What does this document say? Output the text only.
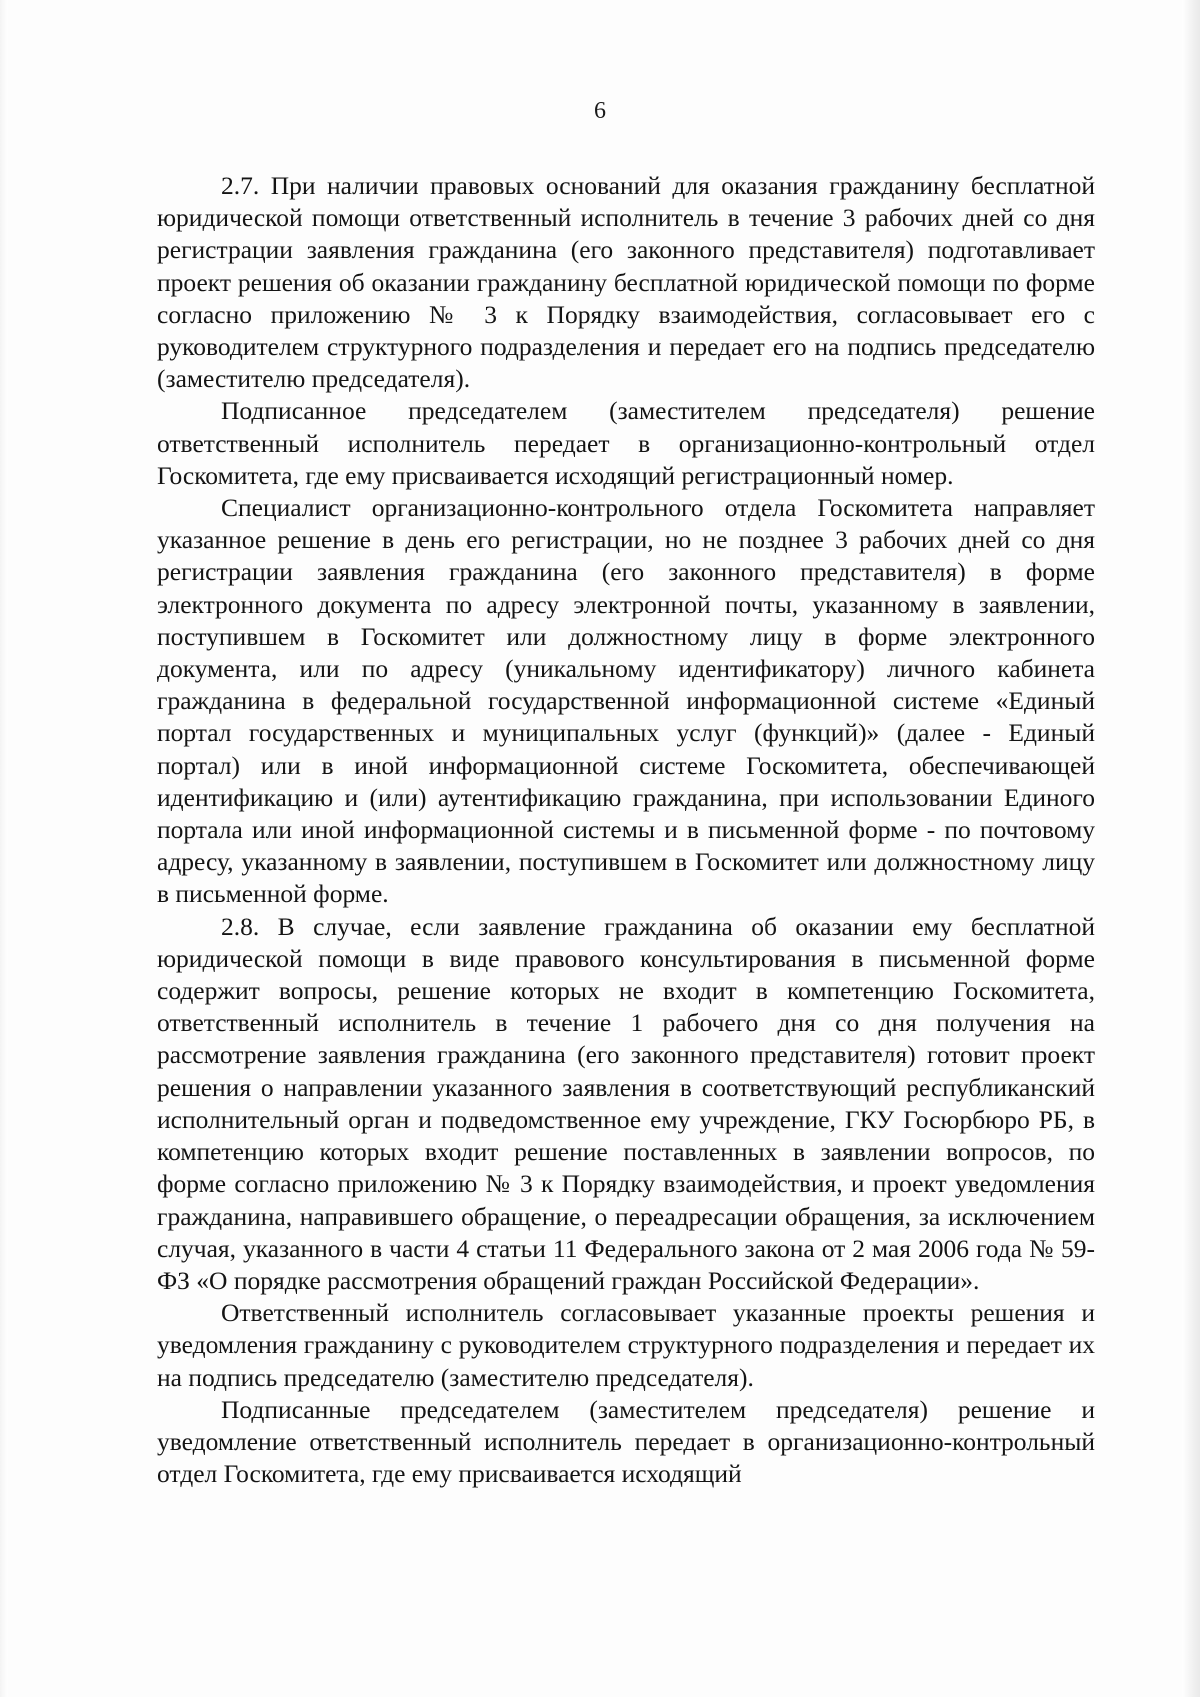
6

2.7. При наличии правовых оснований для оказания гражданину бесплатной юридической помощи ответственный исполнитель в течение 3 рабочих дней со дня регистрации заявления гражданина (его законного представителя) подготавливает проект решения об оказании гражданину бесплатной юридической помощи по форме согласно приложению № 3 к Порядку взаимодействия, согласовывает его с руководителем структурного подразделения и передает его на подпись председателю (заместителю председателя).

Подписанное председателем (заместителем председателя) решение ответственный исполнитель передает в организационно-контрольный отдел Госкомитета, где ему присваивается исходящий регистрационный номер.

Специалист организационно-контрольного отдела Госкомитета направляет указанное решение в день его регистрации, но не позднее 3 рабочих дней со дня регистрации заявления гражданина (его законного представителя) в форме электронного документа по адресу электронной почты, указанному в заявлении, поступившем в Госкомитет или должностному лицу в форме электронного документа, или по адресу (уникальному идентификатору) личного кабинета гражданина в федеральной государственной информационной системе «Единый портал государственных и муниципальных услуг (функций)» (далее - Единый портал) или в иной информационной системе Госкомитета, обеспечивающей идентификацию и (или) аутентификацию гражданина, при использовании Единого портала или иной информационной системы и в письменной форме - по почтовому адресу, указанному в заявлении, поступившем в Госкомитет или должностному лицу в письменной форме.

2.8. В случае, если заявление гражданина об оказании ему бесплатной юридической помощи в виде правового консультирования в письменной форме содержит вопросы, решение которых не входит в компетенцию Госкомитета, ответственный исполнитель в течение 1 рабочего дня со дня получения на рассмотрение заявления гражданина (его законного представителя) готовит проект решения о направлении указанного заявления в соответствующий республиканский исполнительный орган и подведомственное ему учреждение, ГКУ Госюрбюро РБ, в компетенцию которых входит решение поставленных в заявлении вопросов, по форме согласно приложению № 3 к Порядку взаимодействия, и проект уведомления гражданина, направившего обращение, о переадресации обращения, за исключением случая, указанного в части 4 статьи 11 Федерального закона от 2 мая 2006 года № 59-ФЗ «О порядке рассмотрения обращений граждан Российской Федерации».

Ответственный исполнитель согласовывает указанные проекты решения и уведомления гражданину с руководителем структурного подразделения и передает их на подпись председателю (заместителю председателя).

Подписанные председателем (заместителем председателя) решение и уведомление ответственный исполнитель передает в организационно-контрольный отдел Госкомитета, где ему присваивается исходящий
